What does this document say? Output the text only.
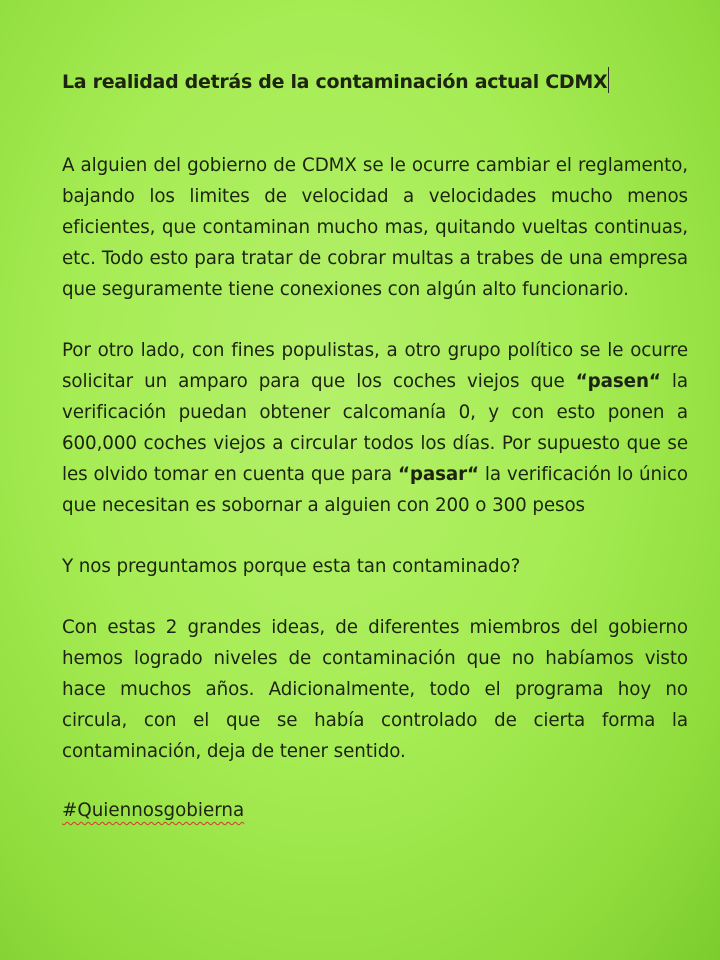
La realidad detrás de la contaminación actual CDMX

A alguien del gobierno de CDMX se le ocurre cambiar el reglamento, bajando los limites de velocidad a velocidades mucho menos eficientes, que contaminan mucho mas, quitando vueltas continuas, etc. Todo esto para tratar de cobrar multas a trabes de una empresa que seguramente tiene conexiones con algún alto funcionario.

Por otro lado, con fines populistas, a otro grupo político se le ocurre solicitar un amparo para que los coches viejos que “pasen“ la verificación puedan obtener calcomanía 0, y con esto ponen a 600,000 coches viejos a circular todos los días. Por supuesto que se les olvido tomar en cuenta que para “pasar“ la verificación lo único que necesitan es sobornar a alguien con 200 o 300 pesos

Y nos preguntamos porque esta tan contaminado?

Con estas 2 grandes ideas, de diferentes miembros del gobierno hemos logrado niveles de contaminación que no habíamos visto hace muchos años. Adicionalmente, todo el programa hoy no circula, con el que se había controlado de cierta forma la contaminación, deja de tener sentido.

#Quiennosgobierna
